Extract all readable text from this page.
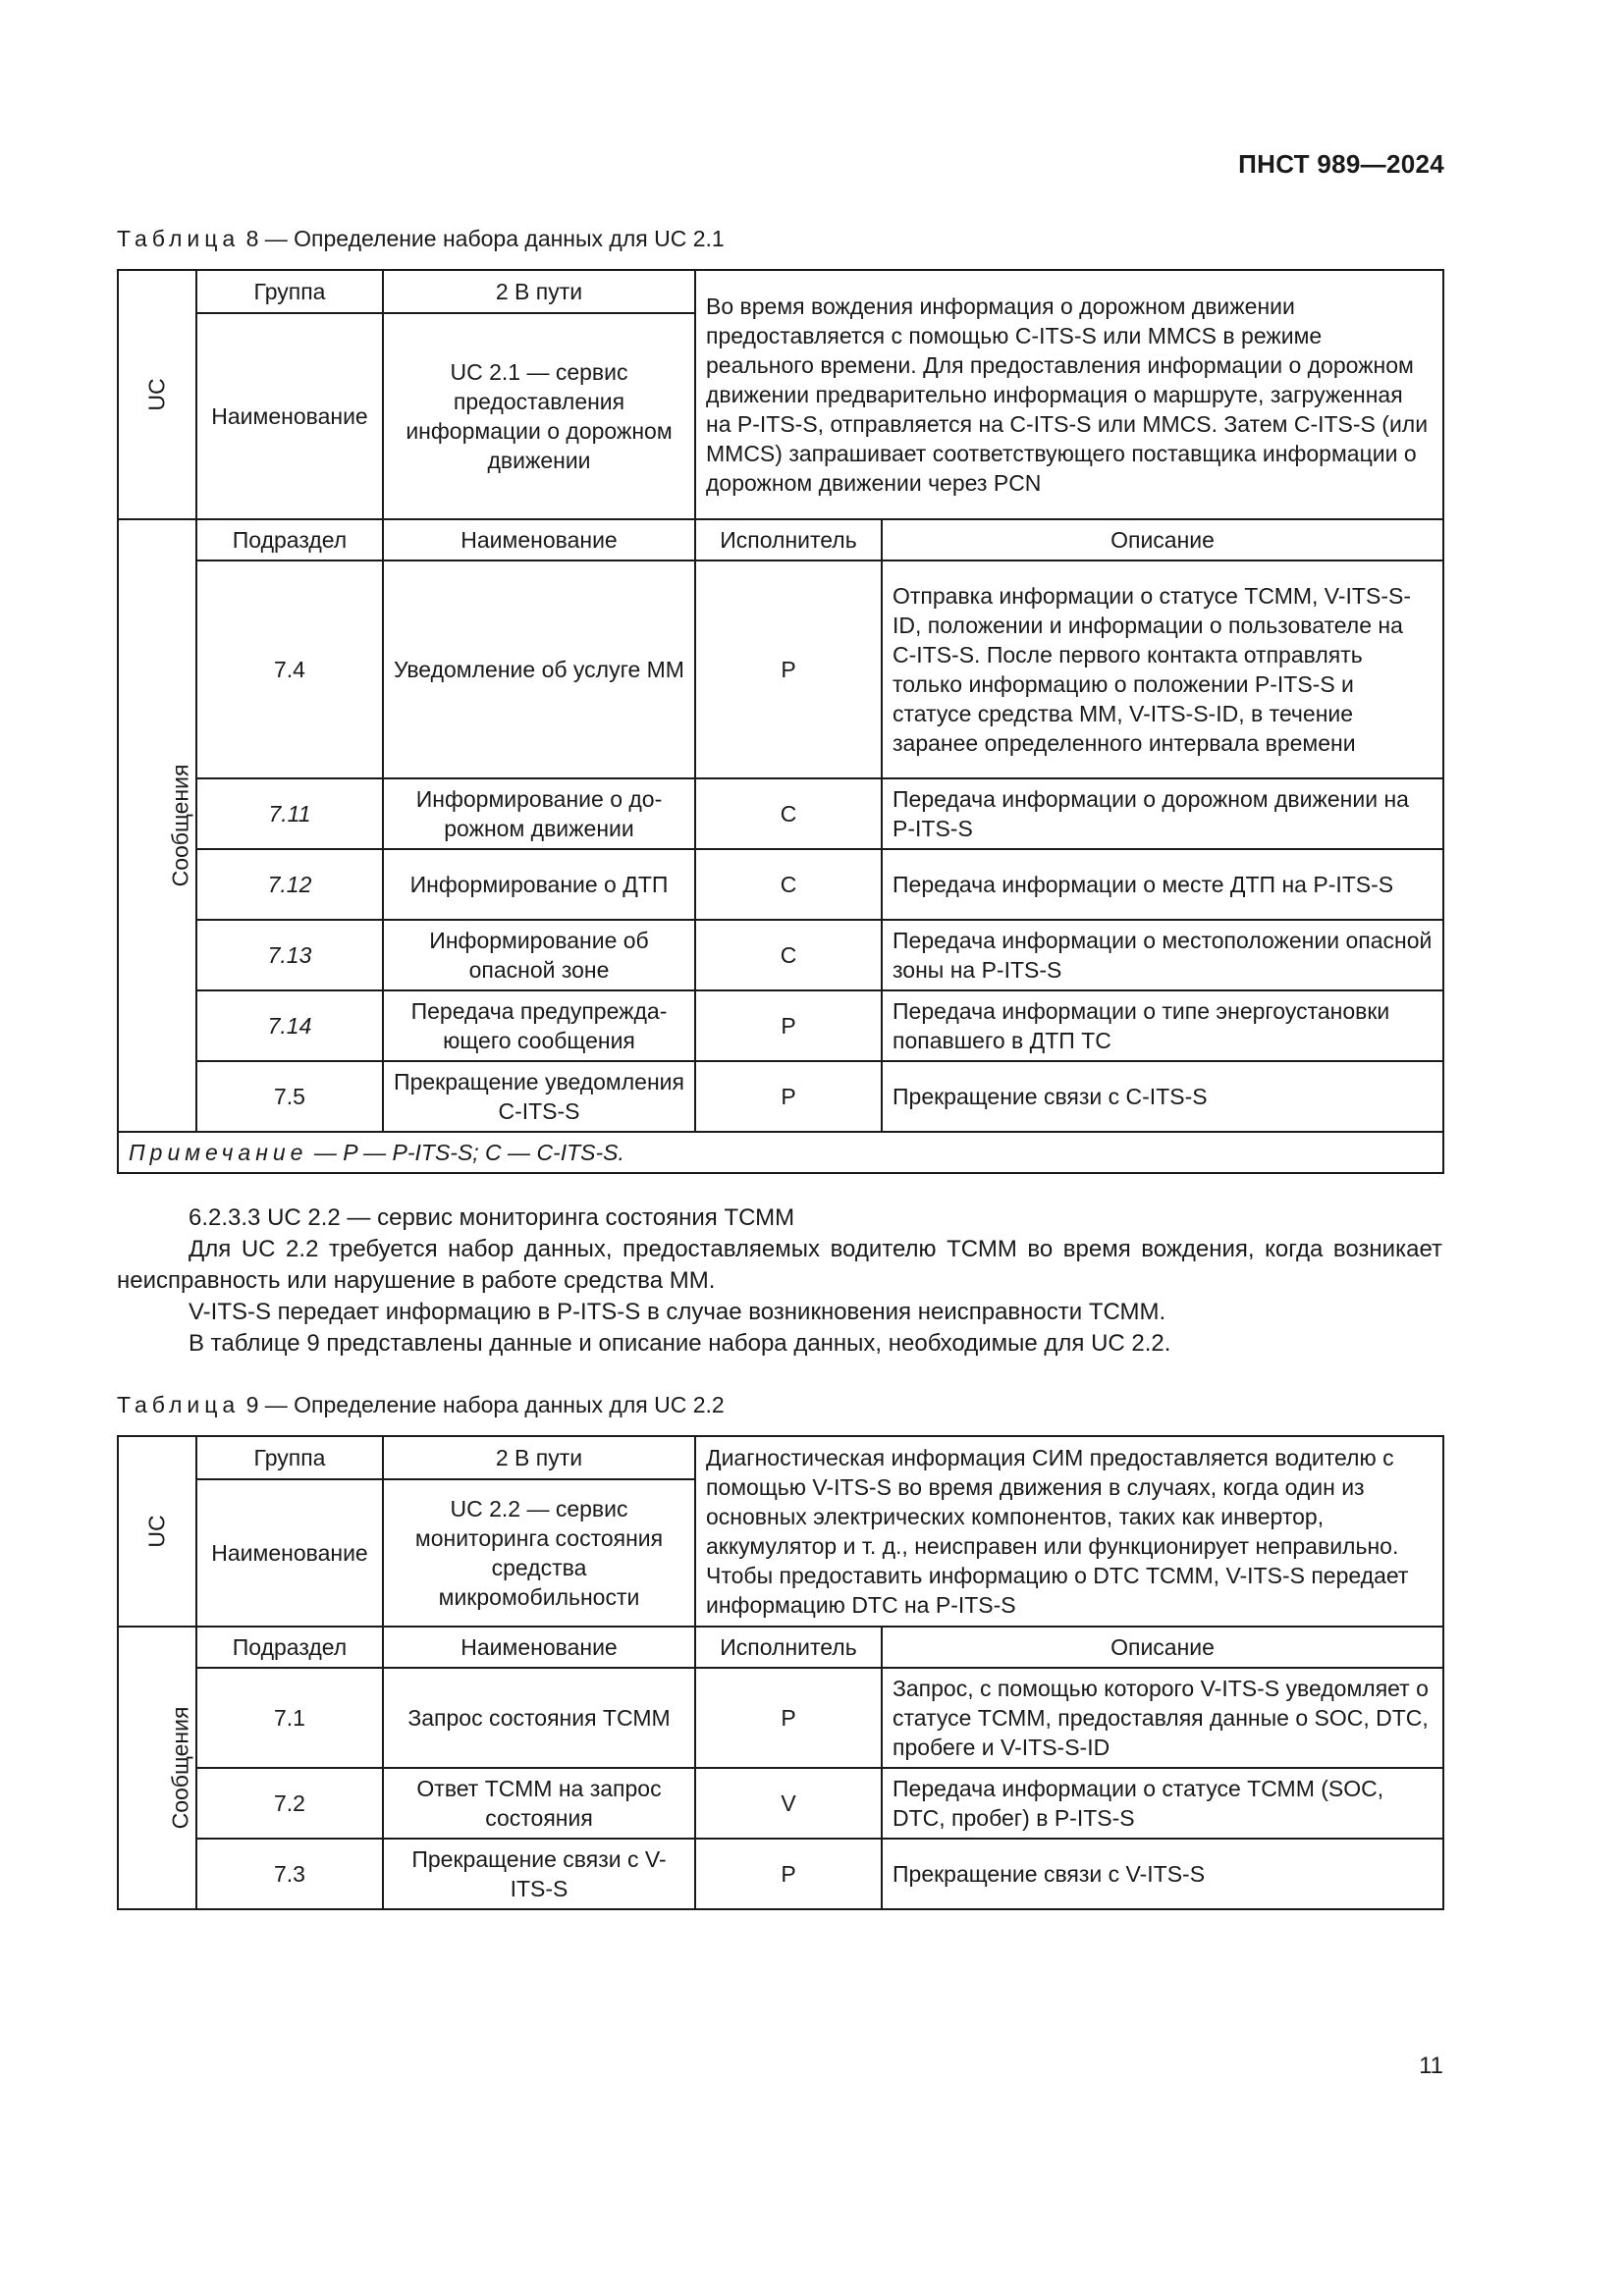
ПНСТ 989—2024
Таблица 8 — Определение набора данных для UC 2.1
UC	Группа	2 В пути	Во время вождения информация о дорожном движении предоставляется с помощью C-ITS-S или MMCS в режиме реального времени. Для предоставления информации о дорожном движении предварительно информация о маршруте, загруженная на P-ITS-S, отправляется на C-ITS-S или MMCS. Затем C-ITS-S (или MMCS) запрашивает соответствующего поставщика информации о дорожном движении через PCN	
	Наименование	UC 2.1 — сервис предоставления информации о дорожном движении		
Сообщения	Подраздел	Наименование	Исполнитель	Описание
	7.4	Уведомление об услуге ММ	P	Отправка информации о статусе ТСММ, V-ITS-S-ID, положении и информации о пользователе на C-ITS-S. После первого контакта отправлять только информацию о положении P-ITS-S и статусе средства ММ, V-ITS-S-ID, в течение заранее определенного интервала времени
	7.11	Информирование о дорожном движении	C	Передача информации о дорожном движении на P-ITS-S
	7.12	Информирование о ДТП	C	Передача информации о месте ДТП на P-ITS-S
	7.13	Информирование об опасной зоне	C	Передача информации о местоположении опасной зоны на P-ITS-S
	7.14	Передача предупреждающего сообщения	P	Передача информации о типе энергоустановки попавшего в ДТП ТС
	7.5	Прекращение уведомления C-ITS-S	P	Прекращение связи с C-ITS-S
Примечание — P — P-ITS-S; C — C-ITS-S.				

6.2.3.3 UC 2.2 — сервис мониторинга состояния ТСММ

Для UC 2.2 требуется набор данных, предоставляемых водителю ТСММ во время вождения, когда возникает неисправность или нарушение в работе средства ММ.

V-ITS-S передает информацию в P-ITS-S в случае возникновения неисправности ТСММ.

В таблице 9 представлены данные и описание набора данных, необходимые для UC 2.2.

Таблица 9 — Определение набора данных для UC 2.2
UC	Группа	2 В пути	Диагностическая информация СИМ предоставляется водителю с помощью V-ITS-S во время движения в случаях, когда один из основных электрических компонентов, таких как инвертор, аккумулятор и т. д., неисправен или функционирует неправильно. Чтобы предоставить информацию о DTC ТСММ, V-ITS-S передает информацию DTC на P-ITS-S	
	Наименование	UC 2.2 — сервис мониторинга состояния средства микромобильности		
Сообщения	Подраздел	Наименование	Исполнитель	Описание
	7.1	Запрос состояния ТСММ	P	Запрос, с помощью которого V-ITS-S уведомляет о статусе ТСММ, предоставляя данные о SOC, DTC, пробеге и V-ITS-S-ID
	7.2	Ответ ТСММ на запрос состояния	V	Передача информации о статусе ТСММ (SOC, DTC, пробег) в P-ITS-S
	7.3	Прекращение связи с V-ITS-S	P	Прекращение связи с V-ITS-S
11
